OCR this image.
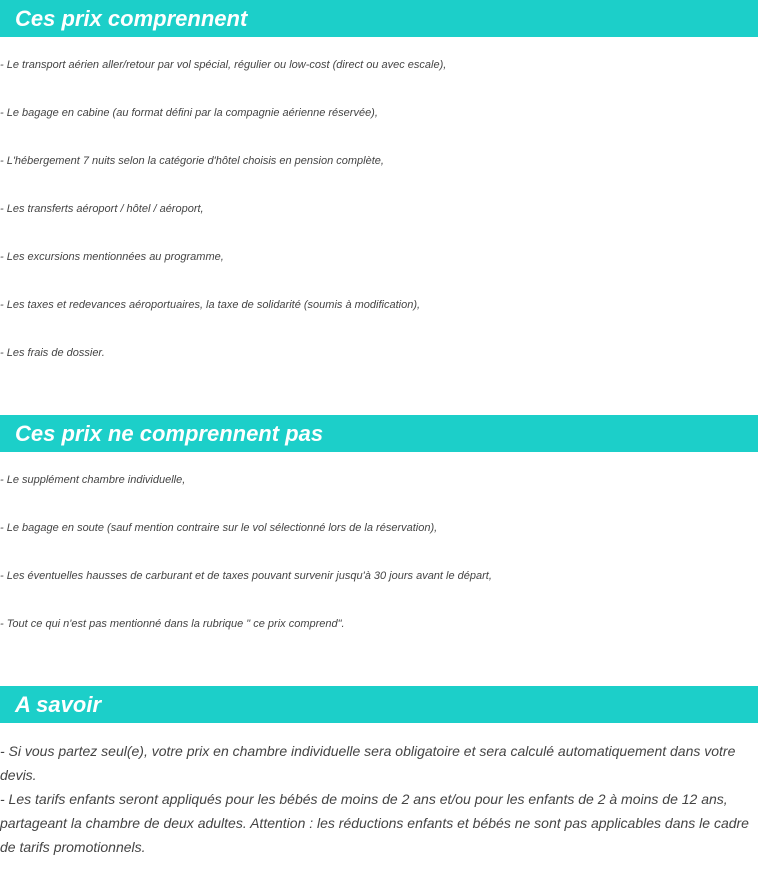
Ces prix comprennent
- Le transport aérien aller/retour par vol spécial, régulier ou low-cost (direct ou avec escale),
- Le bagage en cabine (au format défini par la compagnie aérienne réservée),
- L'hébergement 7 nuits selon la catégorie d'hôtel choisis en pension complète,
- Les transferts aéroport / hôtel / aéroport,
- Les excursions mentionnées au programme,
- Les taxes et redevances aéroportuaires, la taxe de solidarité (soumis à modification),
- Les frais de dossier.
Ces prix ne comprennent pas
- Le supplément chambre individuelle,
- Le bagage en soute (sauf mention contraire sur le vol sélectionné lors de la réservation),
- Les éventuelles hausses de carburant et de taxes pouvant survenir jusqu'à 30 jours avant le départ,
- Tout ce qui n'est pas mentionné dans la rubrique " ce prix comprend".
A savoir
- Si vous partez seul(e), votre prix en chambre individuelle sera obligatoire et sera calculé automatiquement dans votre devis.
- Les tarifs enfants seront appliqués pour les bébés de moins de 2 ans et/ou pour les enfants de 2 à moins de 12 ans, partageant la chambre de deux adultes. Attention : les réductions enfants et bébés ne sont pas applicables dans le cadre de tarifs promotionnels.
